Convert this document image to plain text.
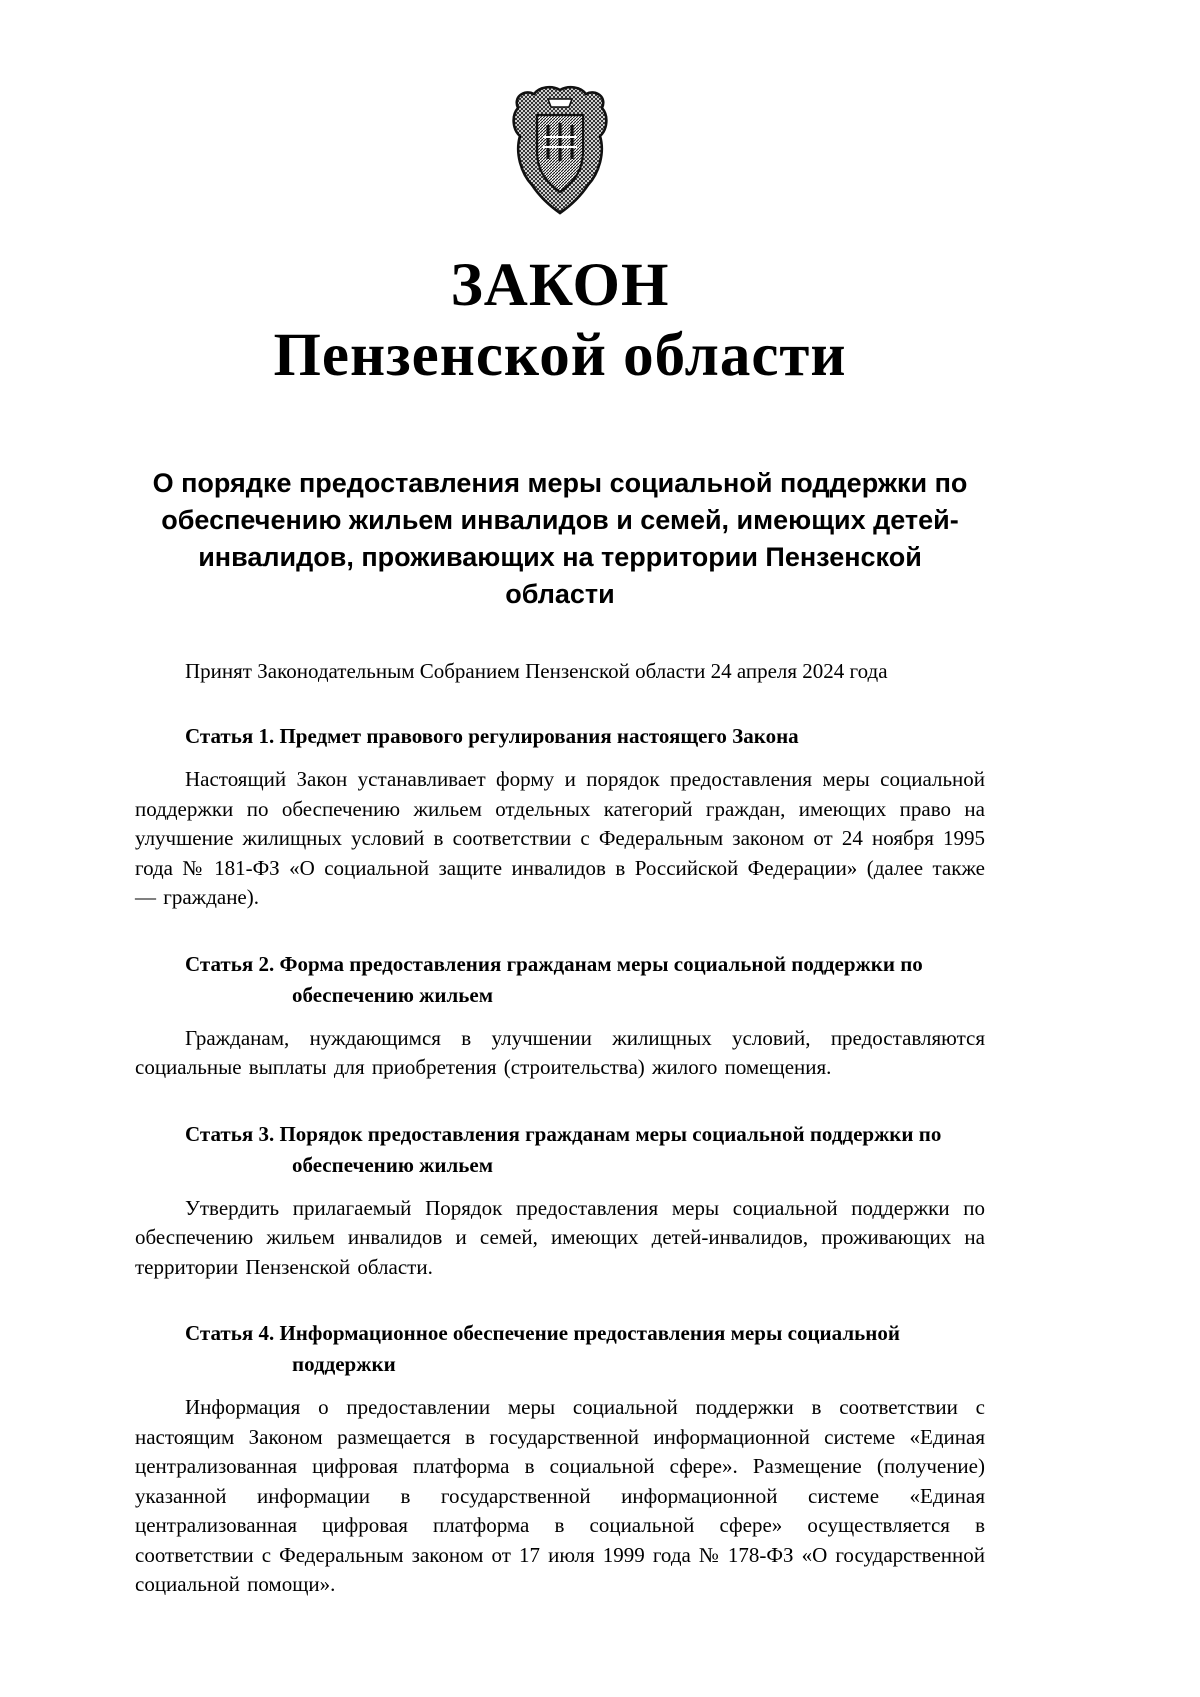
ЗАКОН
Пензенской области
О порядке предоставления меры социальной поддержки по обеспечению жильем инвалидов и семей, имеющих детей-инвалидов, проживающих на территории Пензенской области

Принят Законодательным Собранием Пензенской области 24 апреля 2024 года

Статья 1. Предмет правового регулирования настоящего Закона

Настоящий Закон устанавливает форму и порядок предоставления меры социальной поддержки по обеспечению жильем отдельных категорий граждан, имеющих право на улучшение жилищных условий в соответствии с Федеральным законом от 24 ноября 1995 года № 181-ФЗ «О социальной защите инвалидов в Российской Федерации» (далее также — граждане).

Статья 2. Форма предоставления гражданам меры социальной поддержки по обеспечению жильем

Гражданам, нуждающимся в улучшении жилищных условий, предоставляются социальные выплаты для приобретения (строительства) жилого помещения.

Статья 3. Порядок предоставления гражданам меры социальной поддержки по обеспечению жильем

Утвердить прилагаемый Порядок предоставления меры социальной поддержки по обеспечению жильем инвалидов и семей, имеющих детей-инвалидов, проживающих на территории Пензенской области.

Статья 4. Информационное обеспечение предоставления меры социальной поддержки

Информация о предоставлении меры социальной поддержки в соответствии с настоящим Законом размещается в государственной информационной системе «Единая централизованная цифровая платформа в социальной сфере». Размещение (получение) указанной информации в государственной информационной системе «Единая централизованная цифровая платформа в социальной сфере» осуществляется в соответствии с Федеральным законом от 17 июля 1999 года № 178-ФЗ «О государственной социальной помощи».
